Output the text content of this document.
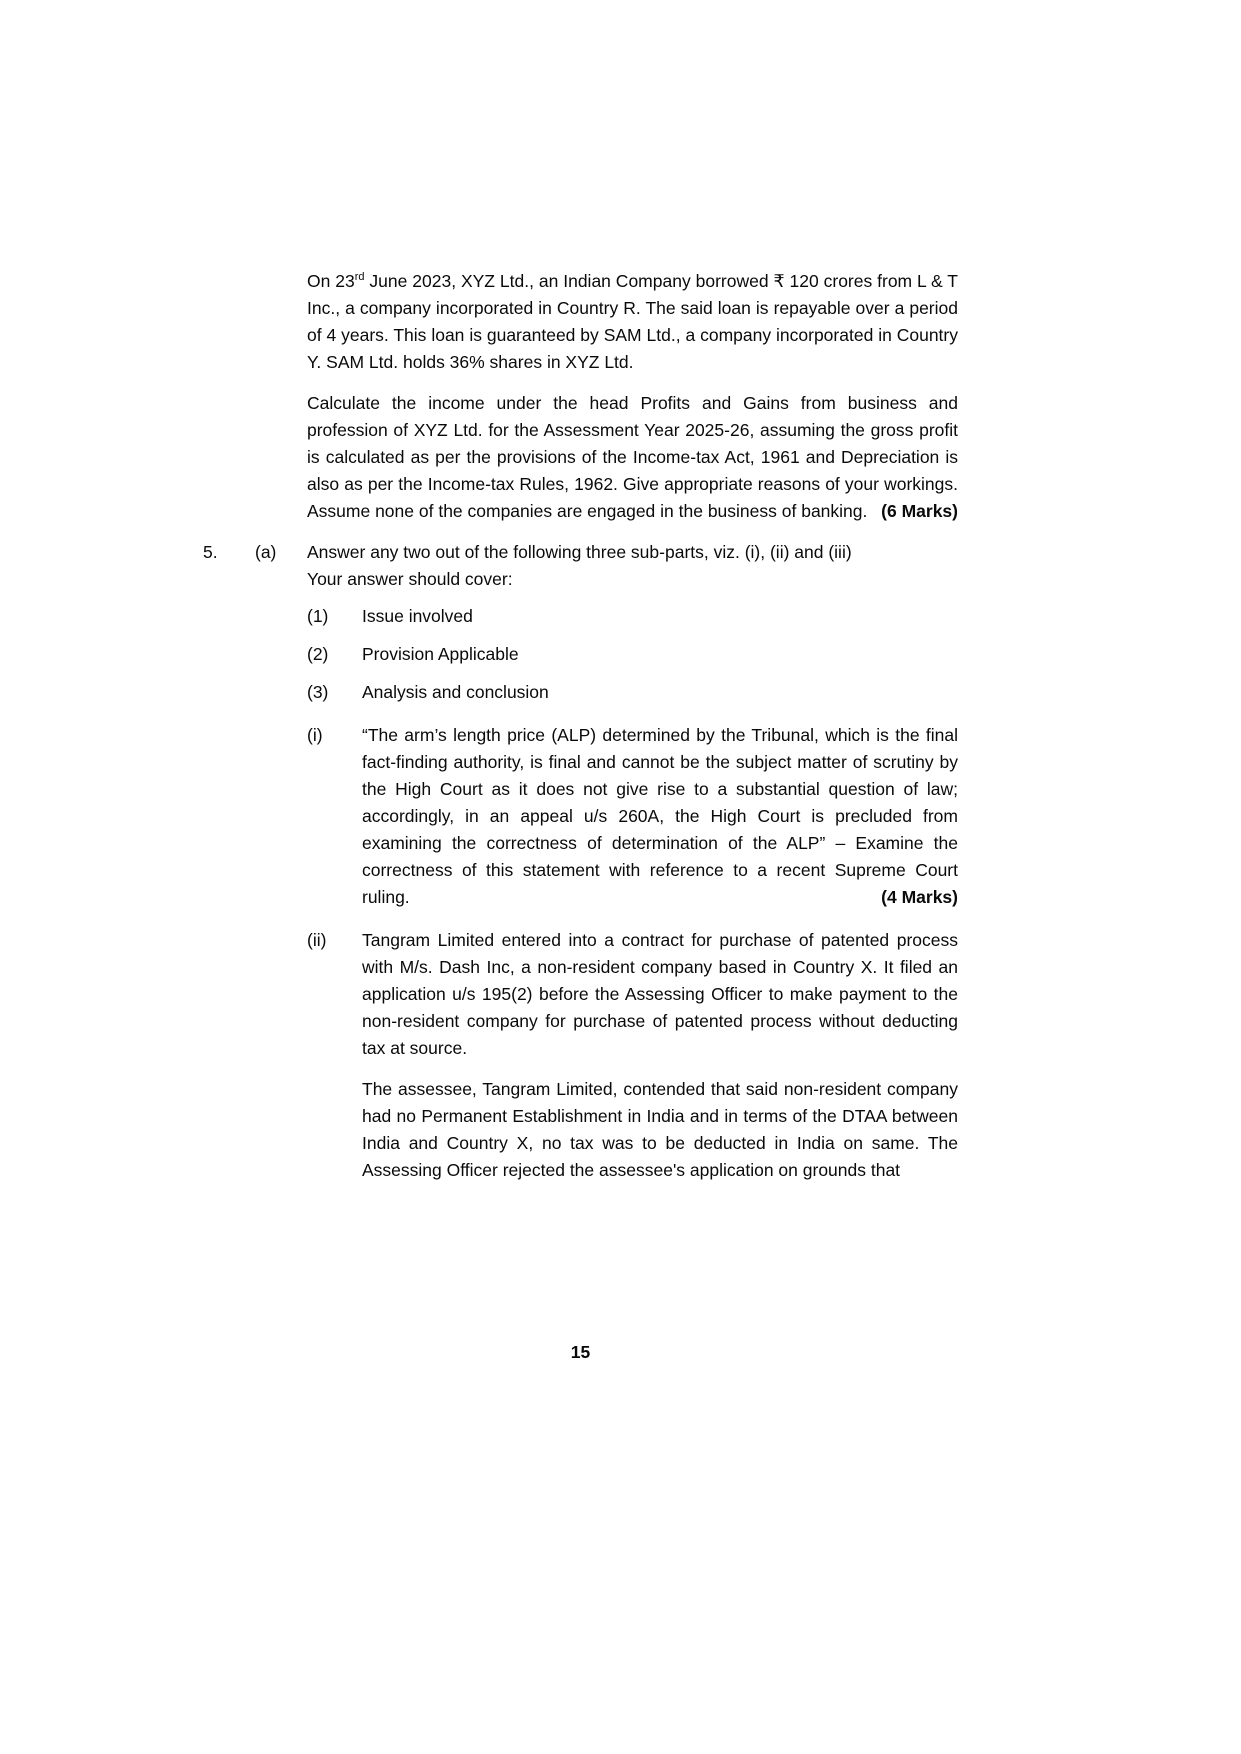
On 23rd June 2023, XYZ Ltd., an Indian Company borrowed ₹ 120 crores from L & T Inc., a company incorporated in Country R. The said loan is repayable over a period of 4 years. This loan is guaranteed by SAM Ltd., a company incorporated in Country Y. SAM Ltd. holds 36% shares in XYZ Ltd.

Calculate the income under the head Profits and Gains from business and profession of XYZ Ltd. for the Assessment Year 2025-26, assuming the gross profit is calculated as per the provisions of the Income-tax Act, 1961 and Depreciation is also as per the Income-tax Rules, 1962. Give appropriate reasons of your workings. Assume none of the companies are engaged in the business of banking. (6 Marks)

5.	(a)	Answer any two out of the following three sub-parts, viz. (i), (ii) and (iii)
Your answer should cover:
(1)	Issue involved
(2)	Provision Applicable
(3)	Analysis and conclusion
(i)	“The arm’s length price (ALP) determined by the Tribunal, which is the final fact-finding authority, is final and cannot be the subject matter of scrutiny by the High Court as it does not give rise to a substantial question of law; accordingly, in an appeal u/s 260A, the High Court is precluded from examining the correctness of determination of the ALP” – Examine the correctness of this statement with reference to a recent Supreme Court ruling.	(4 Marks)

(ii)	Tangram Limited entered into a contract for purchase of patented process with M/s. Dash Inc, a non-resident company based in Country X. It filed an application u/s 195(2) before the Assessing Officer to make payment to the non-resident company for purchase of patented process without deducting tax at source.

The assessee, Tangram Limited, contended that said non-resident company had no Permanent Establishment in India and in terms of the DTAA between India and Country X, no tax was to be deducted in India on same. The Assessing Officer rejected the assessee's application on grounds that

15
